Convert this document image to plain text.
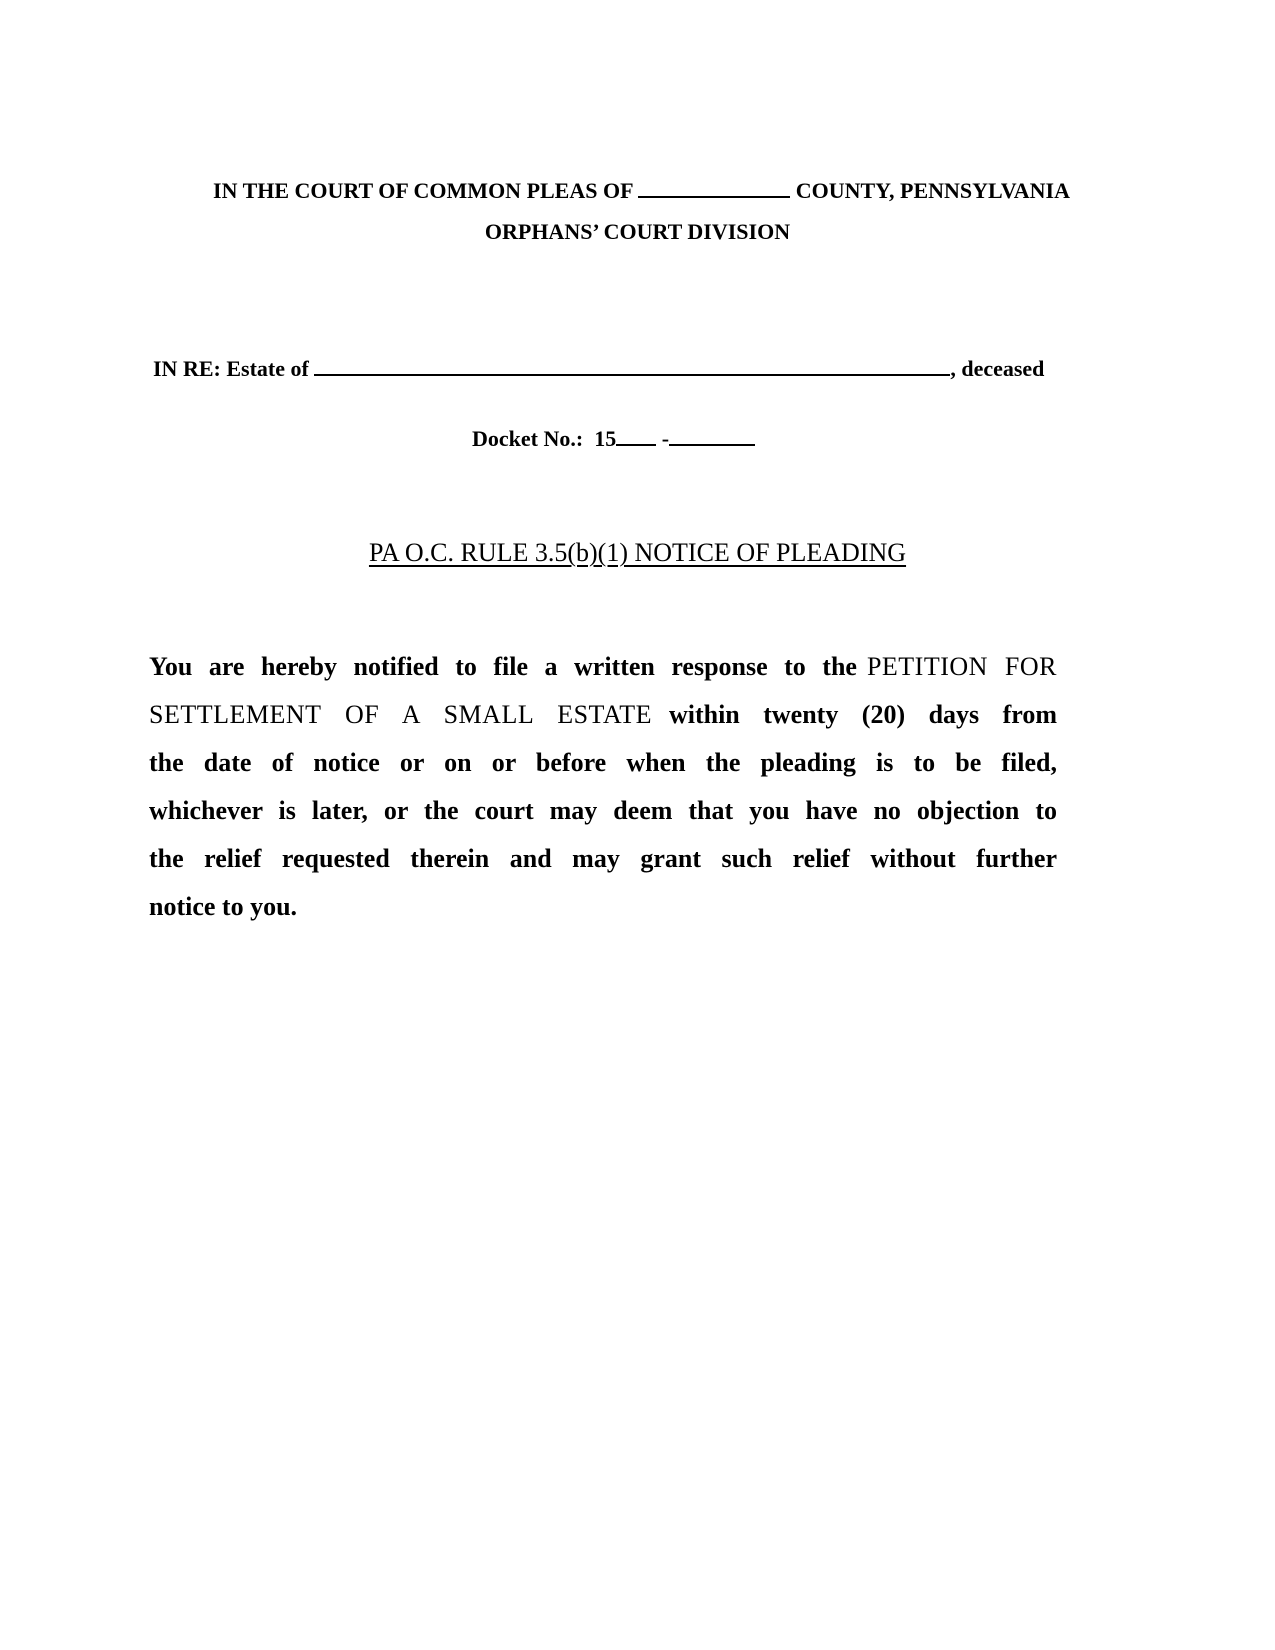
IN THE COURT OF COMMON PLEAS OF	COUNTY, PENNSYLVANIA
ORPHANS’ COURT DIVISION
IN RE: Estate of	, deceased
Docket No.: 15 -
PA O.C. RULE 3.5(b)(1) NOTICE OF PLEADING
You are hereby notified to file a written response to the PETITION FOR
SETTLEMENT OF A SMALL ESTATE within twenty (20) days from
the date of notice or on or before when the pleading is to be filed,
whichever is later, or the court may deem that you have no objection to
the relief requested therein and may grant such relief without further
notice to you.
